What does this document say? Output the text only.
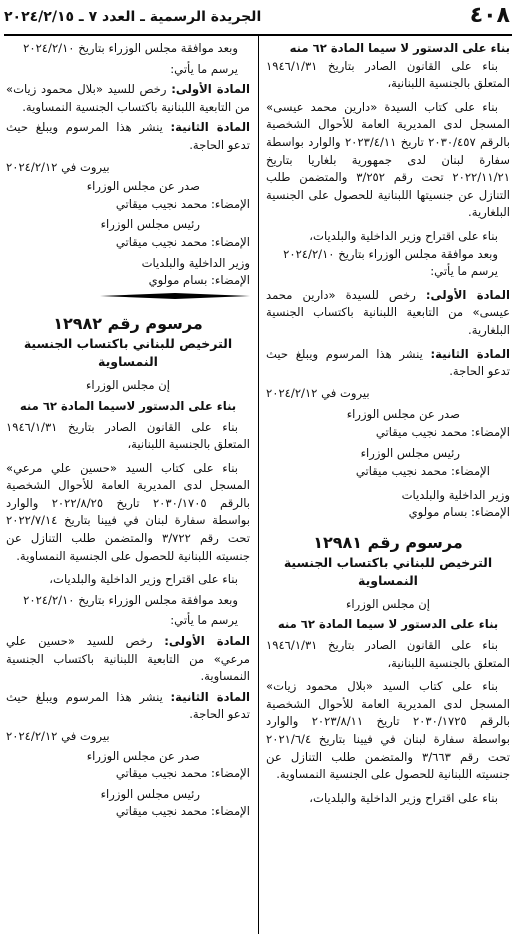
٤٠٨
الجريدة الرسمية ـ العدد ٧ ـ ٢٠٢٤/٢/١٥

بناء على الدستور لا سيما المادة ٦٢ منه

بناء على القانون الصادر بتاريخ ١٩٤٦/١/٣١ المتعلق بالجنسية اللبنانية،

بناء على كتاب السيدة «دارين محمد عيسى» المسجل لدى المديرية العامة للأحوال الشخصية بالرقم ٢٠٣٠/٤٥٧ تاريخ ٢٠٢٣/٤/١١ والوارد بواسطة سفارة لبنان لدى جمهورية بلغاريا بتاريخ ٢٠٢٢/١١/٢١ تحت رقم ٣/٢٥٢ والمتضمن طلب التنازل عن جنسيتها اللبنانية للحصول على الجنسية البلغارية.

بناء على اقتراح وزير الداخلية والبلديات،

وبعد موافقة مجلس الوزراء بتاريخ ٢٠٢٤/٢/١٠

يرسم ما يأتي:

المادة الأولى: رخص للسيدة «دارين محمد عيسى» من التابعية اللبنانية باكتساب الجنسية البلغارية.

المادة الثانية: ينشر هذا المرسوم ويبلغ حيث تدعو الحاجة.

بيروت في ٢٠٢٤/٢/١٢

صدر عن مجلس الوزراء

الإمضاء: محمد نجيب ميقاتي

رئيس مجلس الوزراء

الإمضاء: محمد نجيب ميقاتي

وزير الداخلية والبلديات

الإمضاء: بسام مولوي

مرسوم رقم ١٢٩٨١
الترخيص للبناني باكتساب الجنسية النمساوية

إن مجلس الوزراء

بناء على الدستور لا سيما المادة ٦٢ منه

بناء على القانون الصادر بتاريخ ١٩٤٦/١/٣١ المتعلق بالجنسية اللبنانية،

بناء على كتاب السيد «بلال محمود زيات» المسجل لدى المديرية العامة للأحوال الشخصية بالرقم ٢٠٣٠/١٧٢٥ تاريخ ٢٠٢٣/٨/١١ والوارد بواسطة سفارة لبنان في فيينا بتاريخ ٢٠٢١/٦/٤ تحت رقم ٣/٦٦٣ والمتضمن طلب التنازل عن جنسيته اللبنانية للحصول على الجنسية النمساوية.

بناء على اقتراح وزير الداخلية والبلديات،

وبعد موافقة مجلس الوزراء بتاريخ ٢٠٢٤/٢/١٠

يرسم ما يأتي:

المادة الأولى: رخص للسيد «بلال محمود زيات» من التابعية اللبنانية باكتساب الجنسية النمساوية.

المادة الثانية: ينشر هذا المرسوم ويبلغ حيث تدعو الحاجة.

بيروت في ٢٠٢٤/٢/١٢

صدر عن مجلس الوزراء

الإمضاء: محمد نجيب ميقاتي

رئيس مجلس الوزراء

الإمضاء: محمد نجيب ميقاتي

وزير الداخلية والبلديات

الإمضاء: بسام مولوي

مرسوم رقم ١٢٩٨٢
الترخيص للبناني باكتساب الجنسية النمساوية

إن مجلس الوزراء

بناء على الدستور لاسيما المادة ٦٢ منه

بناء على القانون الصادر بتاريخ ١٩٤٦/١/٣١ المتعلق بالجنسية اللبنانية،

بناء على كتاب السيد «حسين علي مرعي» المسجل لدى المديرية العامة للأحوال الشخصية بالرقم ٢٠٣٠/١٧٠٥ تاريخ ٢٠٢٢/٨/٢٥ والوارد بواسطة سفارة لبنان في فيينا بتاريخ ٢٠٢٢/٧/١٤ تحت رقم ٣/٧٢٢ والمتضمن طلب التنازل عن جنسيته اللبنانية للحصول على الجنسية النمساوية.

بناء على اقتراح وزير الداخلية والبلديات،

وبعد موافقة مجلس الوزراء بتاريخ ٢٠٢٤/٢/١٠

يرسم ما يأتي:

المادة الأولى: رخص للسيد «حسين علي مرعي» من التابعية اللبنانية باكتساب الجنسية النمساوية.

المادة الثانية: ينشر هذا المرسوم ويبلغ حيث تدعو الحاجة.

بيروت في ٢٠٢٤/٢/١٢

صدر عن مجلس الوزراء

الإمضاء: محمد نجيب ميقاتي

رئيس مجلس الوزراء

الإمضاء: محمد نجيب ميقاتي
